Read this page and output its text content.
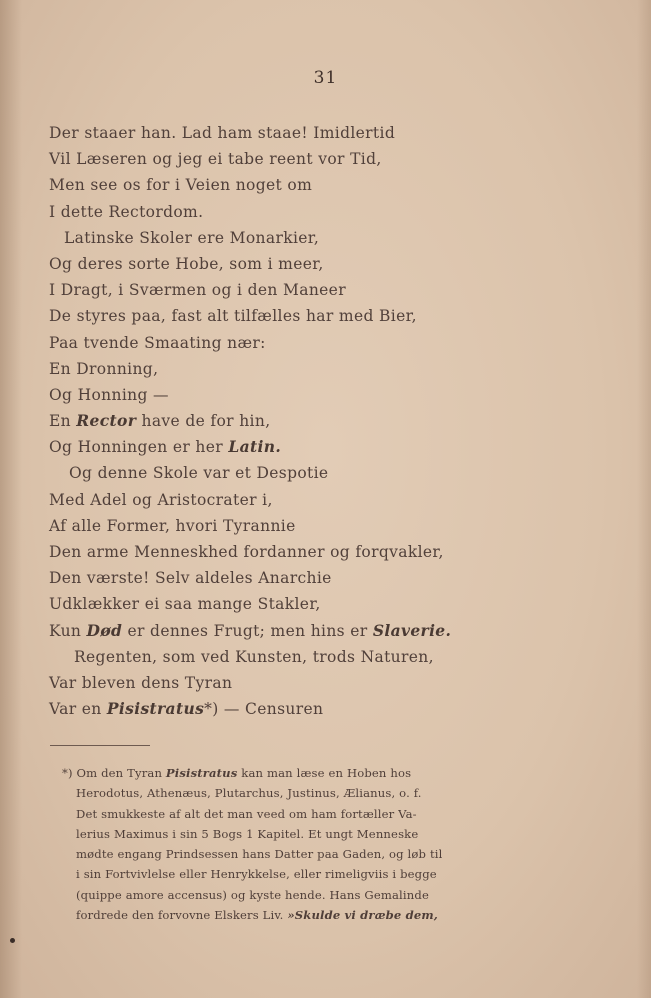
31
Der staaer han. Lad ham staae! Imidlertid
Vil Læseren og jeg ei tabe reent vor Tid,
Men see os for i Veien noget om
I dette Rectordom.
Latinske Skoler ere Monarkier,
Og deres sorte Hobe, som i meer,
I Dragt, i Sværmen og i den Maneer
De styres paa, fast alt tilfælles har med Bier,
Paa tvende Smaating nær:
En Dronning,
Og Honning —
En Rector have de for hin,
Og Honningen er her Latin.
Og denne Skole var et Despotie
Med Adel og Aristocrater i,
Af alle Former, hvori Tyrannie
Den arme Menneskhed fordanner og forqvakler,
Den værste! Selv aldeles Anarchie
Udklækker ei saa mange Stakler,
Kun Død er dennes Frugt; men hins er Slaverie.
Regenten, som ved Kunsten, trods Naturen,
Var bleven dens Tyran
Var en Pisistratus*) — Censuren
*) Om den Tyran Pisistratus kan man læse en Hoben hos
Herodotus, Athenæus, Plutarchus, Justinus, Ælianus, o. f.
Det smukkeste af alt det man veed om ham fortæller Va-
lerius Maximus i sin 5 Bogs 1 Kapitel. Et ungt Menneske
mødte engang Prindsessen hans Datter paa Gaden, og løb til
i sin Fortvivlelse eller Henrykkelse, eller rimeligviis i begge
(quippe amore accensus) og kyste hende. Hans Gemalinde
fordrede den forvovne Elskers Liv. »Skulde vi dræbe dem,
